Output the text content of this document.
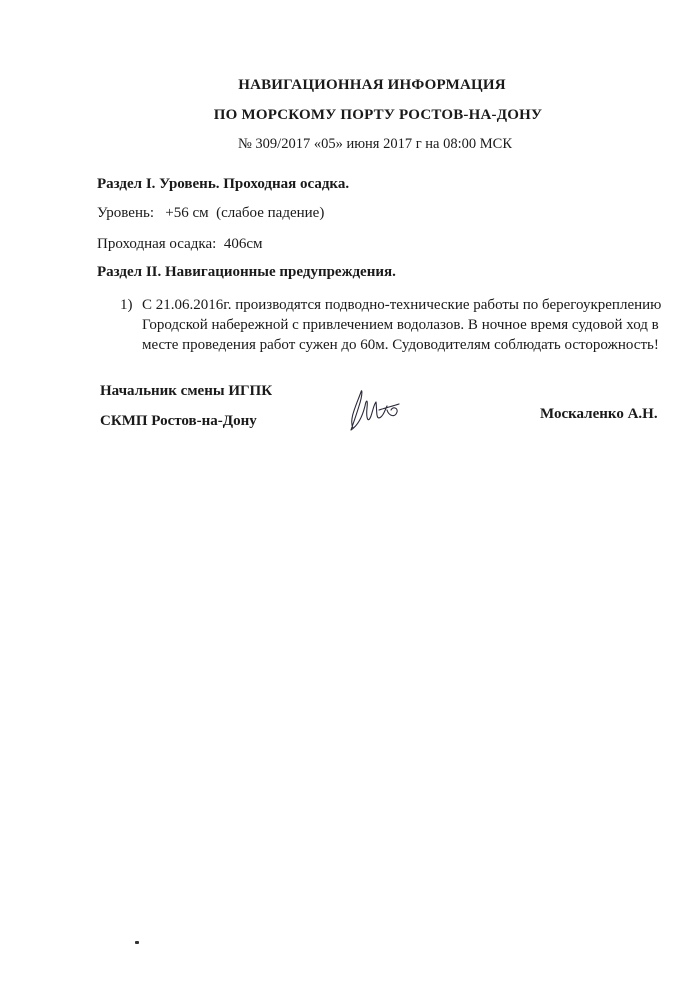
НАВИГАЦИОННАЯ ИНФОРМАЦИЯ
ПО МОРСКОМУ ПОРТУ РОСТОВ-НА-ДОНУ
№ 309/2017 «05» июня 2017 г на 08:00 МСК
Раздел I. Уровень. Проходная осадка.
Уровень: +56 см (слабое падение)
Проходная осадка: 406см
Раздел II. Навигационные предупреждения.
1) С 21.06.2016г. производятся подводно-технические работы по берегоукреплению Городской набережной с привлечением водолазов. В ночное время судовой ход в месте проведения работ сужен до 60м. Судоводителям соблюдать осторожность!
Начальник смены ИГПК
СКМП Ростов-на-Дону	Москаленко А.Н.
